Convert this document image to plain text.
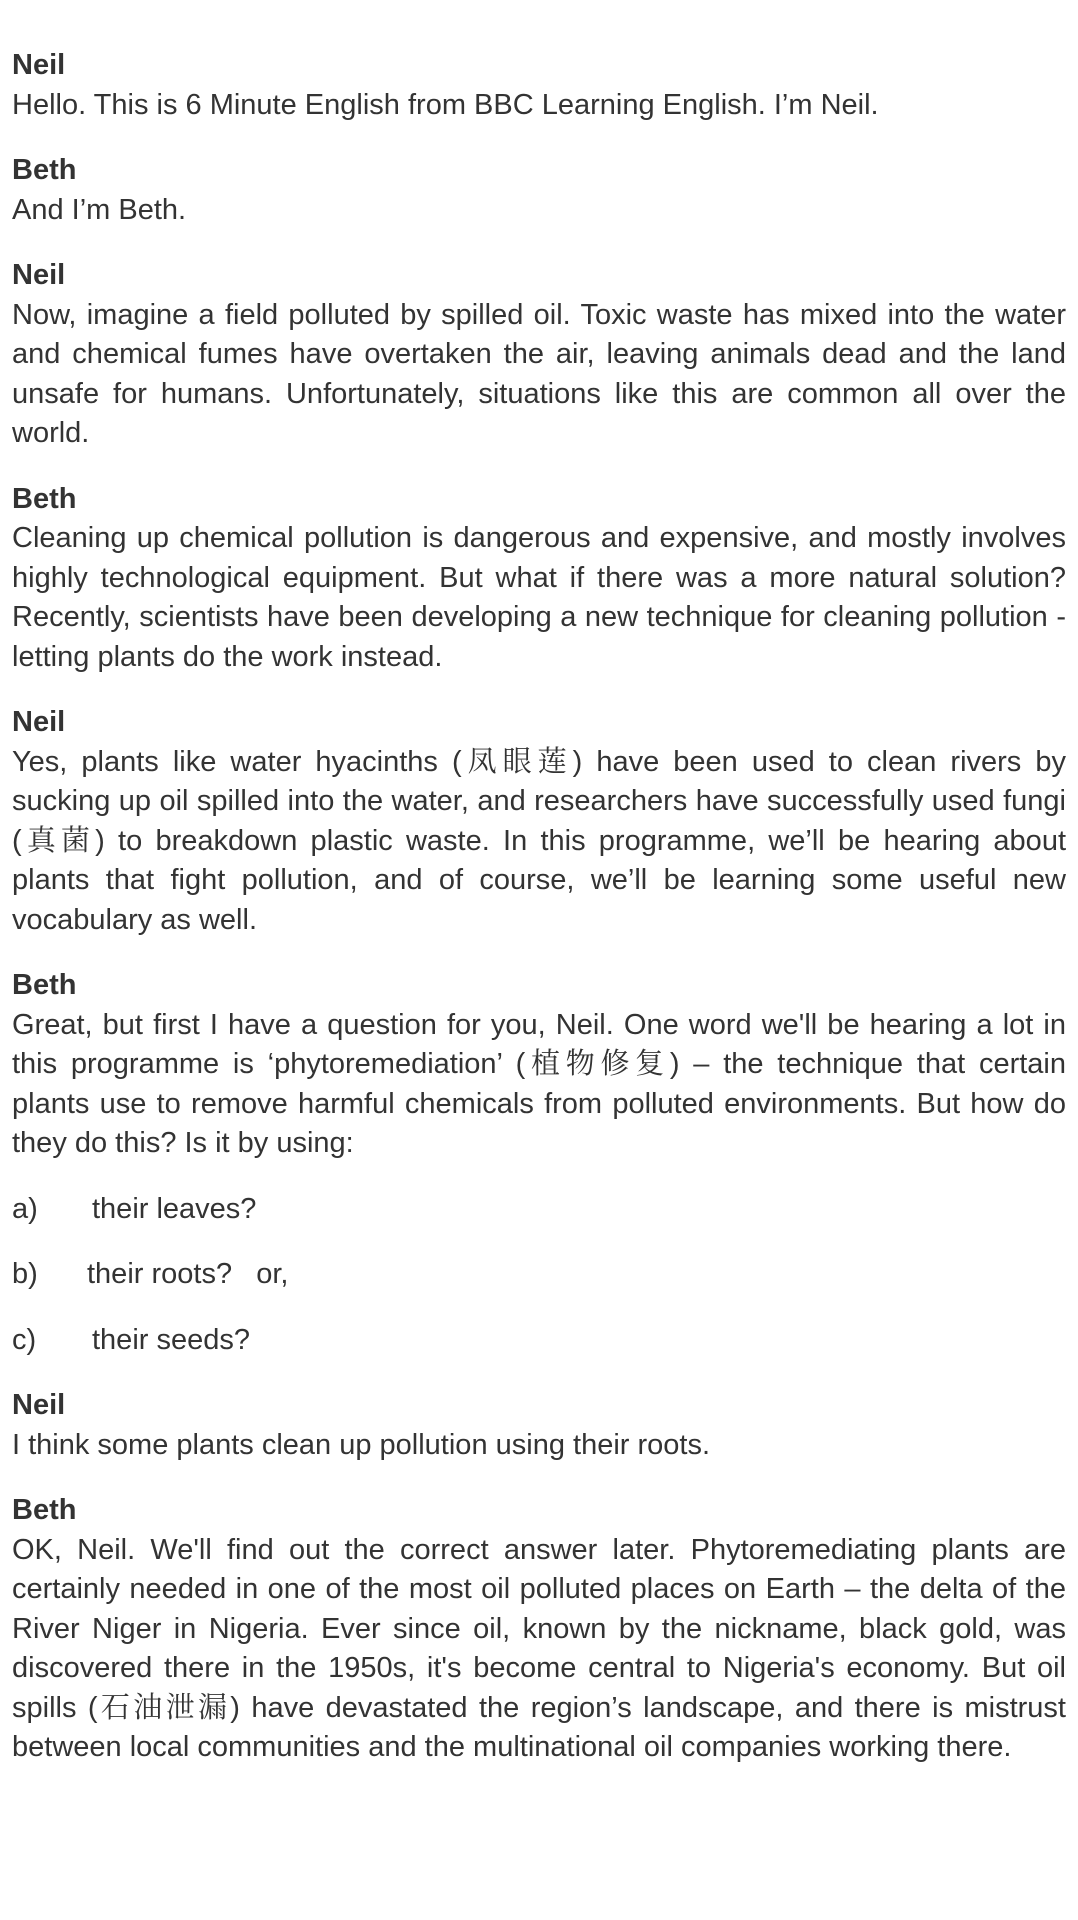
Neil
Hello. This is 6 Minute English from BBC Learning English. I’m Neil.
Beth
And I’m Beth.
Neil
Now, imagine a field polluted by spilled oil. Toxic waste has mixed into the water and chemical fumes have overtaken the air, leaving animals dead and the land unsafe for humans. Unfortunately, situations like this are common all over the world.
Beth
Cleaning up chemical pollution is dangerous and expensive, and mostly involves highly technological equipment. But what if there was a more natural solution? Recently, scientists have been developing a new technique for cleaning pollution - letting plants do the work instead.
Neil
Yes, plants like water hyacinths (凤眼莲) have been used to clean rivers by sucking up oil spilled into the water, and researchers have successfully used fungi (真菌) to breakdown plastic waste. In this programme, we’ll be hearing about plants that fight pollution, and of course, we’ll be learning some useful new vocabulary as well.
Beth
Great, but first I have a question for you, Neil. One word we'll be hearing a lot in this programme is ‘phytoremediation’ (植物修复) – the technique that certain plants use to remove harmful chemicals from polluted environments. But how do they do this? Is it by using:
a)	their leaves?
b)	their roots?   or,
c)	their seeds?
Neil
I think some plants clean up pollution using their roots.
Beth
OK, Neil. We'll find out the correct answer later. Phytoremediating plants are certainly needed in one of the most oil polluted places on Earth – the delta of the River Niger in Nigeria. Ever since oil, known by the nickname, black gold, was discovered there in the 1950s, it's become central to Nigeria's economy. But oil spills (石油泄漏) have devastated the region’s landscape, and there is mistrust between local communities and the multinational oil companies working there.
